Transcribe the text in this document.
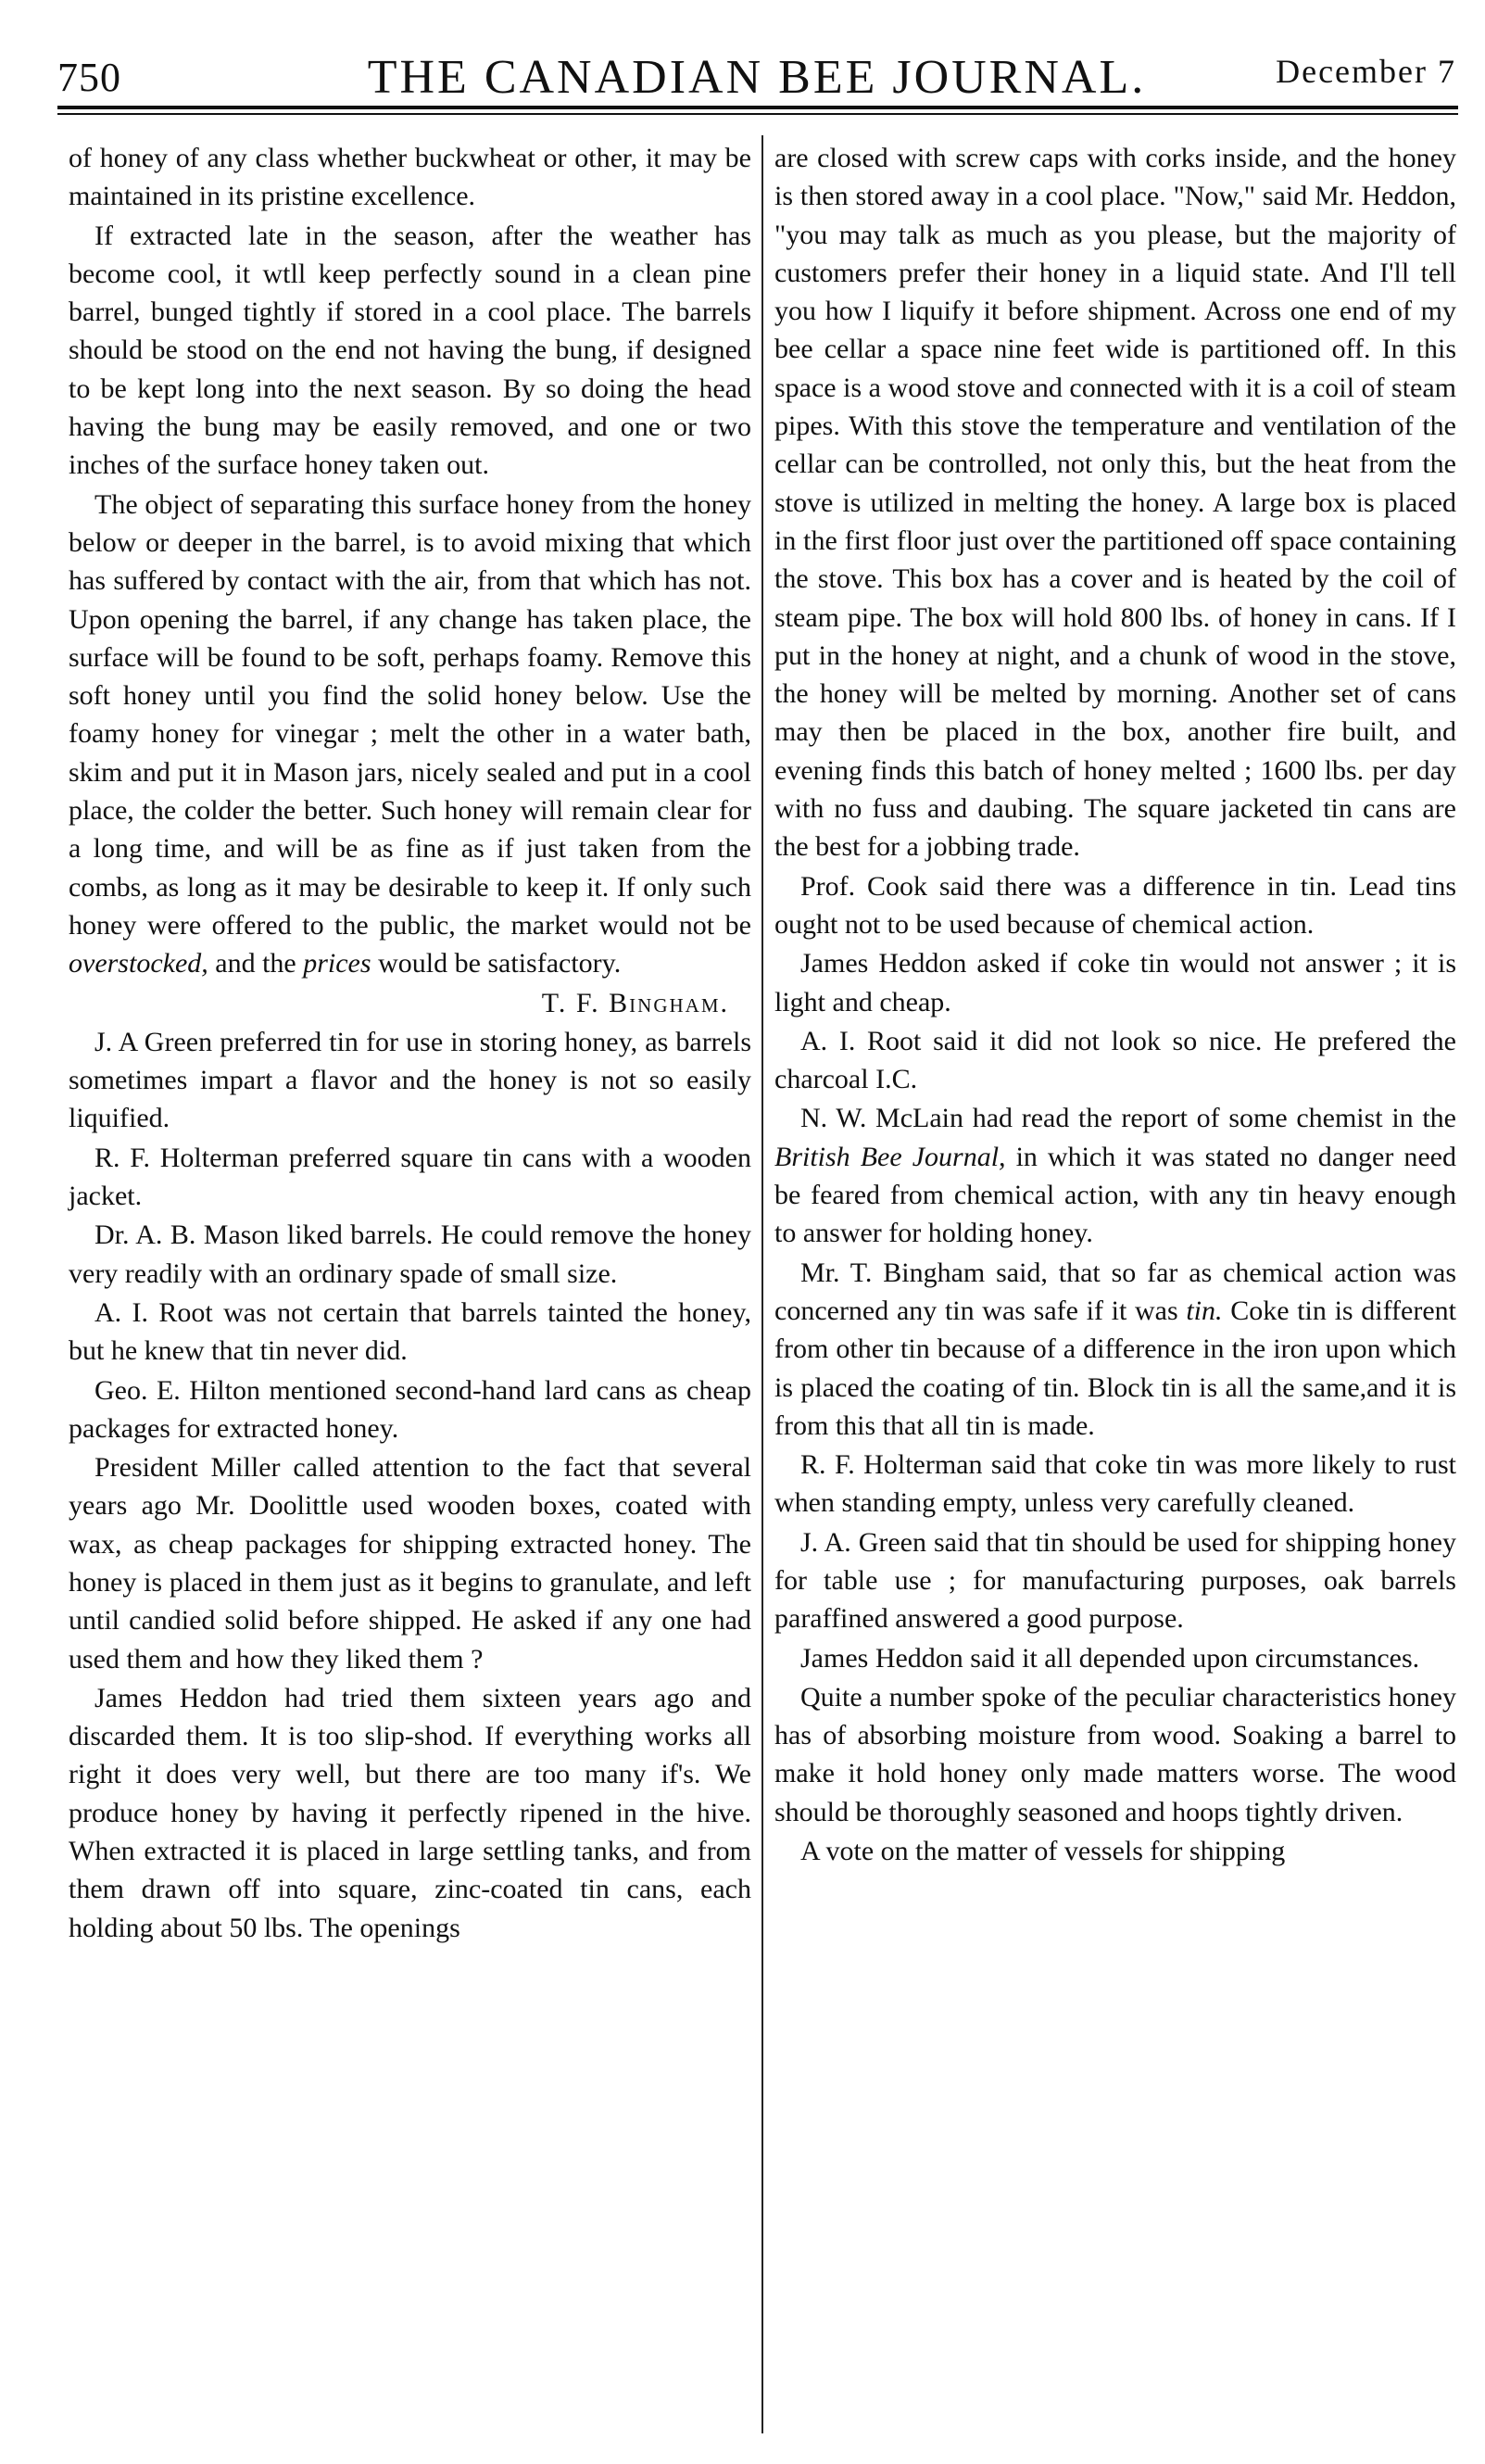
750	THE CANADIAN BEE JOURNAL.	December 7

of honey of any class whether buckwheat or other, it may be maintained in its pristine excellence.

If extracted late in the season, after the weather has become cool, it wtll keep perfectly sound in a clean pine barrel, bunged tightly if stored in a cool place. The barrels should be stood on the end not having the bung, if designed to be kept long into the next season. By so doing the head having the bung may be easily removed, and one or two inches of the surface honey taken out.

The object of separating this surface honey from the honey below or deeper in the barrel, is to avoid mixing that which has suffered by contact with the air, from that which has not. Upon opening the barrel, if any change has taken place, the surface will be found to be soft, perhaps foamy. Remove this soft honey until you find the solid honey below. Use the foamy honey for vinegar ; melt the other in a water bath, skim and put it in Mason jars, nicely sealed and put in a cool place, the colder the better. Such honey will remain clear for a long time, and will be as fine as if just taken from the combs, as long as it may be desirable to keep it. If only such honey were offered to the public, the market would not be overstocked, and the prices would be satisfactory.

T. F. Bingham.

J. A Green preferred tin for use in storing honey, as barrels sometimes impart a flavor and the honey is not so easily liquified.

R. F. Holterman preferred square tin cans with a wooden jacket.

Dr. A. B. Mason liked barrels. He could remove the honey very readily with an ordinary spade of small size.

A. I. Root was not certain that barrels tainted the honey, but he knew that tin never did.

Geo. E. Hilton mentioned second-hand lard cans as cheap packages for extracted honey.

President Miller called attention to the fact that several years ago Mr. Doolittle used wooden boxes, coated with wax, as cheap packages for shipping extracted honey. The honey is placed in them just as it begins to granulate, and left until candied solid before shipped. He asked if any one had used them and how they liked them ?

James Heddon had tried them sixteen years ago and discarded them. It is too slip-shod. If everything works all right it does very well, but there are too many if's. We produce honey by having it perfectly ripened in the hive. When extracted it is placed in large settling tanks, and from them drawn off into square, zinc-coated tin cans, each holding about 50 lbs. The openings

are closed with screw caps with corks inside, and the honey is then stored away in a cool place. "Now," said Mr. Heddon, "you may talk as much as you please, but the majority of customers prefer their honey in a liquid state. And I'll tell you how I liquify it before shipment. Across one end of my bee cellar a space nine feet wide is partitioned off. In this space is a wood stove and connected with it is a coil of steam pipes. With this stove the temperature and ventilation of the cellar can be controlled, not only this, but the heat from the stove is utilized in melting the honey. A large box is placed in the first floor just over the partitioned off space containing the stove. This box has a cover and is heated by the coil of steam pipe. The box will hold 800 lbs. of honey in cans. If I put in the honey at night, and a chunk of wood in the stove, the honey will be melted by morning. Another set of cans may then be placed in the box, another fire built, and evening finds this batch of honey melted ; 1600 lbs. per day with no fuss and daubing. The square jacketed tin cans are the best for a jobbing trade.

Prof. Cook said there was a difference in tin. Lead tins ought not to be used because of chemical action.

James Heddon asked if coke tin would not answer ; it is light and cheap.

A. I. Root said it did not look so nice. He prefered the charcoal I.C.

N. W. McLain had read the report of some chemist in the British Bee Journal, in which it was stated no danger need be feared from chemical action, with any tin heavy enough to answer for holding honey.

Mr. T. Bingham said, that so far as chemical action was concerned any tin was safe if it was tin. Coke tin is different from other tin because of a difference in the iron upon which is placed the coating of tin. Block tin is all the same,and it is from this that all tin is made.

R. F. Holterman said that coke tin was more likely to rust when standing empty, unless very carefully cleaned.

J. A. Green said that tin should be used for shipping honey for table use ; for manufacturing purposes, oak barrels paraffined answered a good purpose.

James Heddon said it all depended upon circumstances.

Quite a number spoke of the peculiar characteristics honey has of absorbing moisture from wood. Soaking a barrel to make it hold honey only made matters worse. The wood should be thoroughly seasoned and hoops tightly driven.

A vote on the matter of vessels for shipping
